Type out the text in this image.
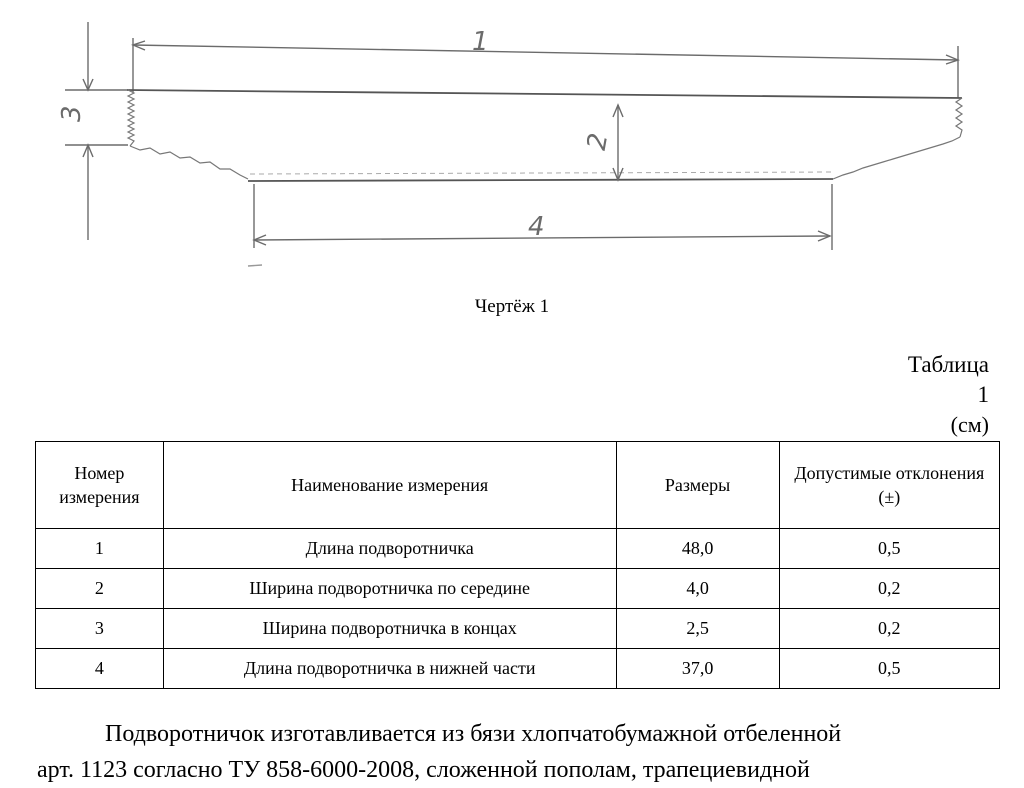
1
2
3
4
Чертёж 1
Таблица
1
(см)
Номер измерения	Наименование измерения	Размеры	Допустимые отклонения
(±)

1	Длина подворотничка	48,0	0,5
2	Ширина подворотничка по середине	4,0	0,2
3	Ширина подворотничка в концах	2,5	0,2
4	Длина подворотничка в нижней части	37,0	0,5
Подворотничок изготавливается из бязи хлопчатобумажной отбеленной
арт. 1123 согласно ТУ 858-6000-2008, сложенной пополам, трапециевидной
